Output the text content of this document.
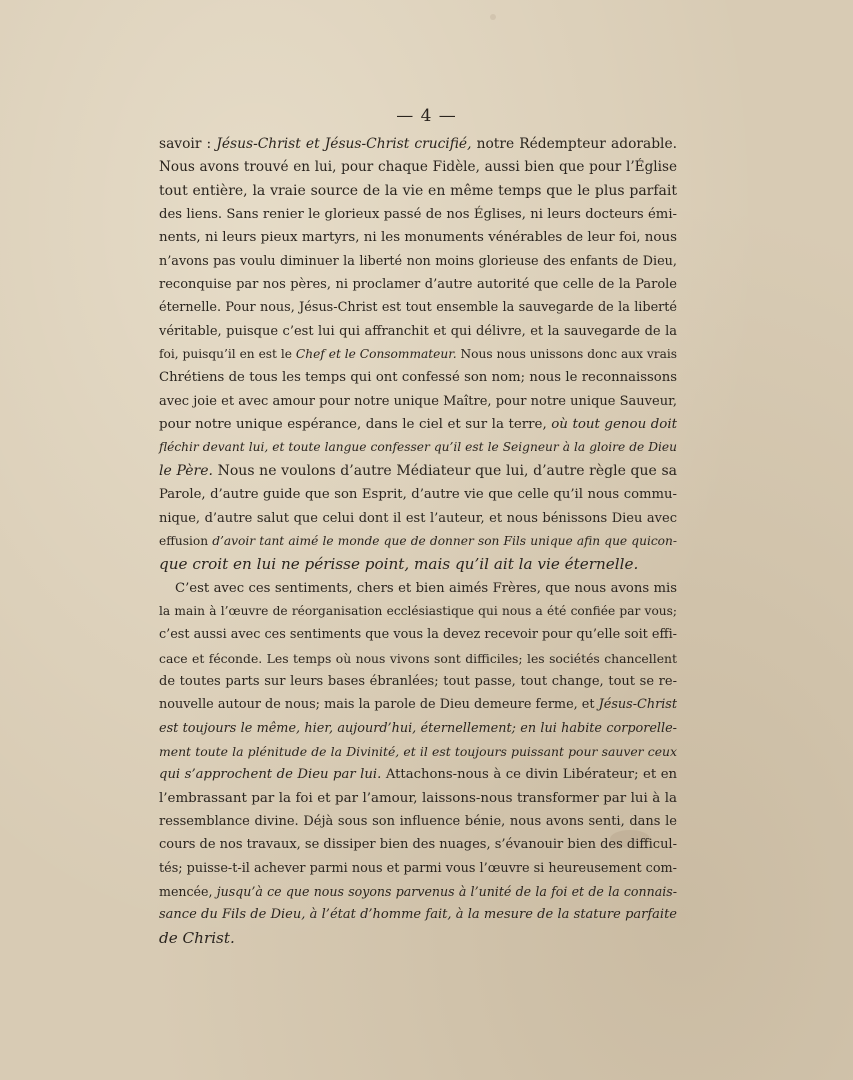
— 4 —
savoir : Jésus-Christ et Jésus-Christ crucifié, notre Rédempteur adorable.
Nous avons trouvé en lui, pour chaque Fidèle, aussi bien que pour l’Église
tout entière, la vraie source de la vie en même temps que le plus parfait
des liens. Sans renier le glorieux passé de nos Églises, ni leurs docteurs émi-
nents, ni leurs pieux martyrs, ni les monuments vénérables de leur foi, nous
n’avons pas voulu diminuer la liberté non moins glorieuse des enfants de Dieu,
reconquise par nos pères, ni proclamer d’autre autorité que celle de la Parole
éternelle. Pour nous, Jésus-Christ est tout ensemble la sauvegarde de la liberté
véritable, puisque c’est lui qui affranchit et qui délivre, et la sauvegarde de la
foi, puisqu’il en est le Chef et le Consommateur. Nous nous unissons donc aux vrais
Chrétiens de tous les temps qui ont confessé son nom; nous le reconnaissons
avec joie et avec amour pour notre unique Maître, pour notre unique Sauveur,
pour notre unique espérance, dans le ciel et sur la terre, où tout genou doit
fléchir devant lui, et toute langue confesser qu’il est le Seigneur à la gloire de Dieu
le Père. Nous ne voulons d’autre Médiateur que lui, d’autre règle que sa
Parole, d’autre guide que son Esprit, d’autre vie que celle qu’il nous commu-
nique, d’autre salut que celui dont il est l’auteur, et nous bénissons Dieu avec
effusion d’avoir tant aimé le monde que de donner son Fils unique afin que quicon-
que croit en lui ne périsse point, mais qu’il ait la vie éternelle.
C’est avec ces sentiments, chers et bien aimés Frères, que nous avons mis
la main à l’œuvre de réorganisation ecclésiastique qui nous a été confiée par vous;
c’est aussi avec ces sentiments que vous la devez recevoir pour qu’elle soit effi-
cace et féconde. Les temps où nous vivons sont difficiles; les sociétés chancellent
de toutes parts sur leurs bases ébranlées; tout passe, tout change, tout se re-
nouvelle autour de nous; mais la parole de Dieu demeure ferme, et Jésus-Christ
est toujours le même, hier, aujourd’hui, éternellement; en lui habite corporelle-
ment toute la plénitude de la Divinité, et il est toujours puissant pour sauver ceux
qui s’approchent de Dieu par lui. Attachons-nous à ce divin Libérateur; et en
l’embrassant par la foi et par l’amour, laissons-nous transformer par lui à la
ressemblance divine. Déjà sous son influence bénie, nous avons senti, dans le
cours de nos travaux, se dissiper bien des nuages, s’évanouir bien des difficul-
tés; puisse-t-il achever parmi nous et parmi vous l’œuvre si heureusement com-
mencée, jusqu’à ce que nous soyons parvenus à l’unité de la foi et de la connais-
sance du Fils de Dieu, à l’état d’homme fait, à la mesure de la stature parfaite
de Christ.
